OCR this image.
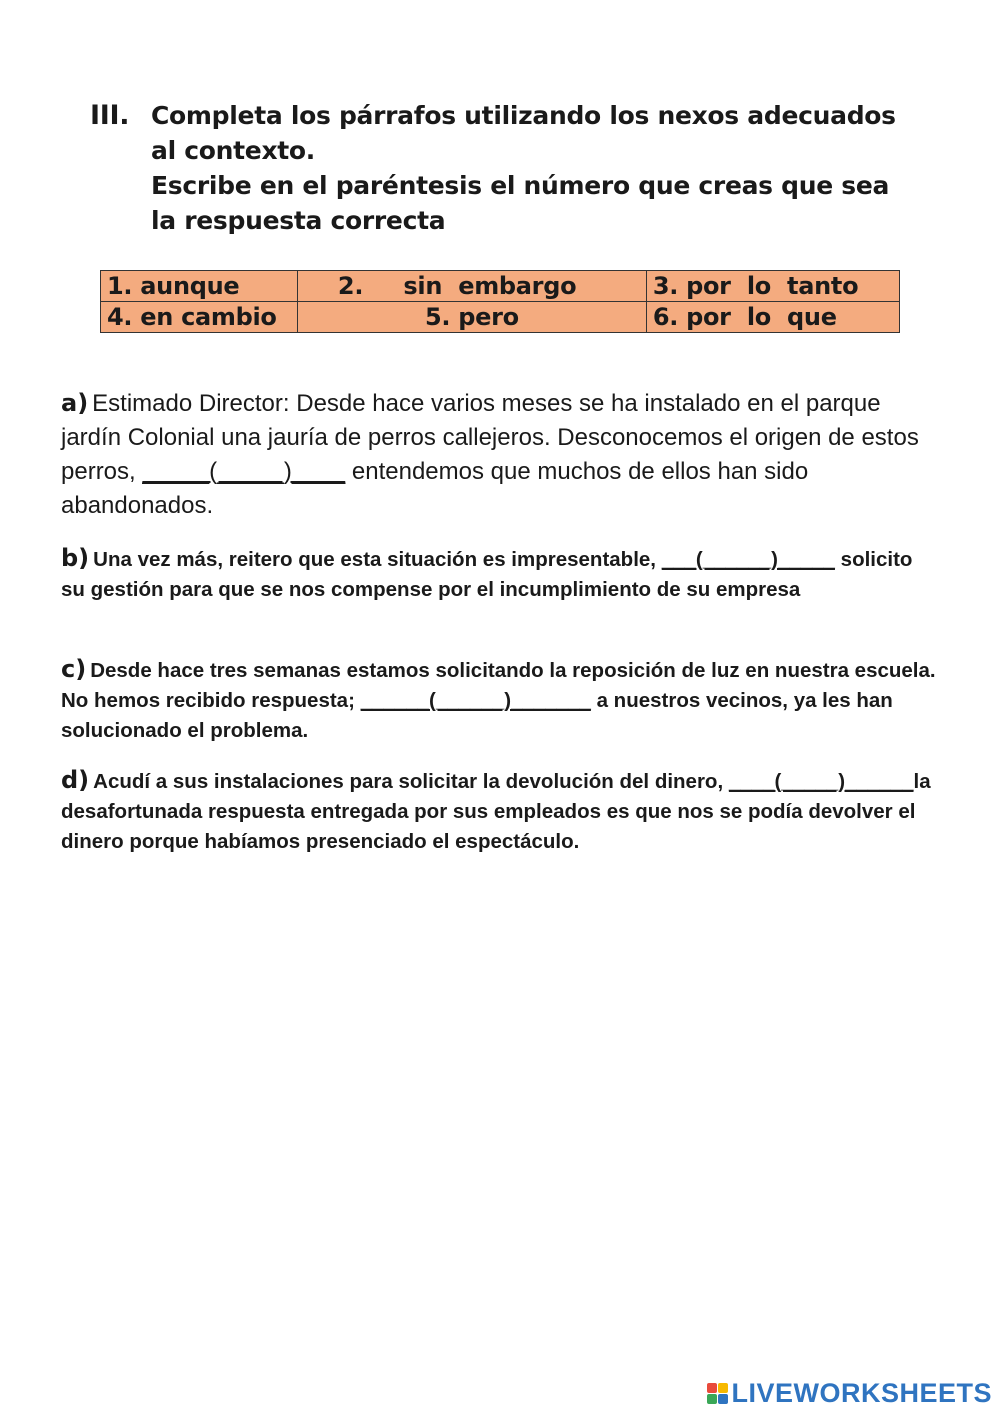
III. Completa los párrafos utilizando los nexos adecuados al contexto.
Escribe en el paréntesis el número que creas que sea la respuesta correcta
1. aunque	2.     sin  embargo	3. por  lo  tanto
4. en cambio	5. pero	6. por  lo  que
a) Estimado Director: Desde hace varios meses se ha instalado en el parque jardín Colonial una jauría de perros callejeros. Desconocemos el origen de estos perros, _____(_____)____ entendemos que muchos de ellos han sido abandonados.
b) Una vez más, reitero que esta situación es impresentable, ___(______)_____ solicito su gestión para que se nos compense por el incumplimiento de su empresa
c) Desde hace tres semanas estamos solicitando la reposición de luz en nuestra escuela. No hemos recibido respuesta; ______(______)_______ a nuestros vecinos, ya les han solucionado el problema.
d) Acudí a sus instalaciones para solicitar la devolución del dinero, ____(_____)______la desafortunada respuesta entregada por sus empleados es que nos se podía devolver el dinero porque habíamos presenciado el espectáculo.
LIVEWORKSHEETS
